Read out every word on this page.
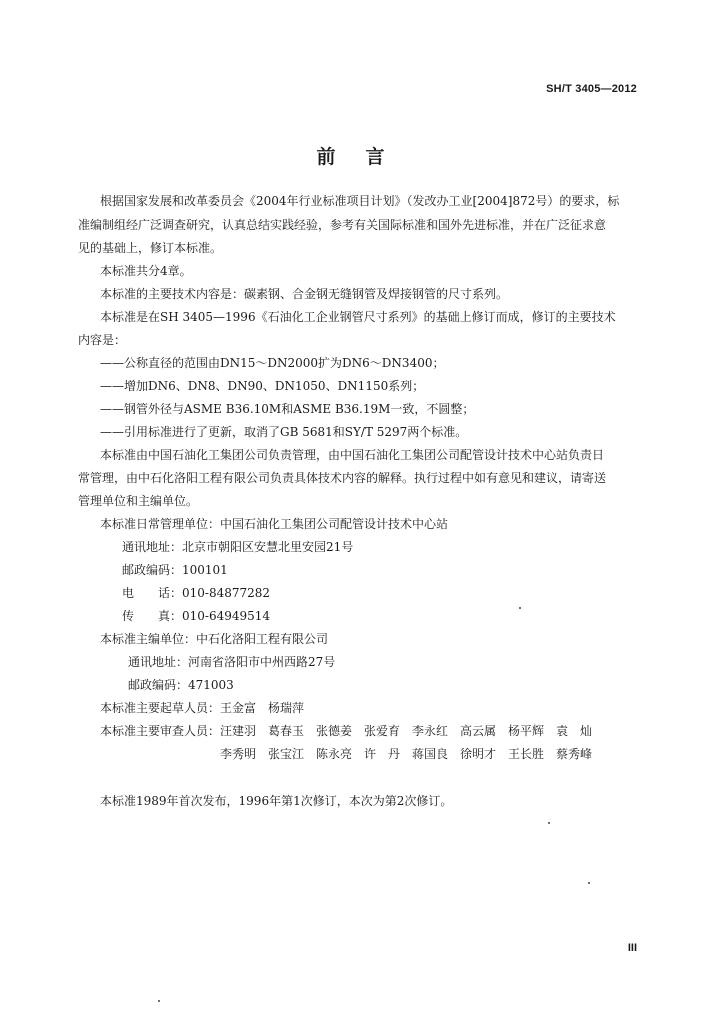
SH/T 3405—2012
前言
根据国家发展和改革委员会《2004年行业标准项目计划》（发改办工业[2004]872号）的要求，标
准编制组经广泛调查研究，认真总结实践经验，参考有关国际标准和国外先进标准，并在广泛征求意
见的基础上，修订本标准。
本标准共分4章。
本标准的主要技术内容是：碳素钢、合金钢无缝钢管及焊接钢管的尺寸系列。
本标准是在SH 3405—1996《石油化工企业钢管尺寸系列》的基础上修订而成，修订的主要技术
内容是：
——公称直径的范围由DN15～DN2000扩为DN6～DN3400；
——增加DN6、DN8、DN90、DN1050、DN1150系列；
——钢管外径与ASME B36.10M和ASME B36.19M一致，不圆整；
——引用标准进行了更新，取消了GB 5681和SY/T 5297两个标准。
本标准由中国石油化工集团公司负责管理，由中国石油化工集团公司配管设计技术中心站负责日
常管理，由中石化洛阳工程有限公司负责具体技术内容的解释。执行过程中如有意见和建议，请寄送
管理单位和主编单位。
本标准日常管理单位：中国石油化工集团公司配管设计技术中心站
通讯地址：北京市朝阳区安慧北里安园21号
邮政编码：100101
电　　话：010-84877282
传　　真：010-64949514
本标准主编单位：中石化洛阳工程有限公司
通讯地址：河南省洛阳市中州西路27号
邮政编码：471003
本标准主要起草人员：王金富　杨瑞萍
本标准主要审查人员： 汪建羽　葛春玉　张德姜　张爱育　李永红　高云属　杨平辉　袁　灿
李秀明　张宝江　陈永亮　许　丹　蒋国良　徐明才　王长胜　蔡秀峰
本标准1989年首次发布，1996年第1次修订，本次为第2次修订。
III
